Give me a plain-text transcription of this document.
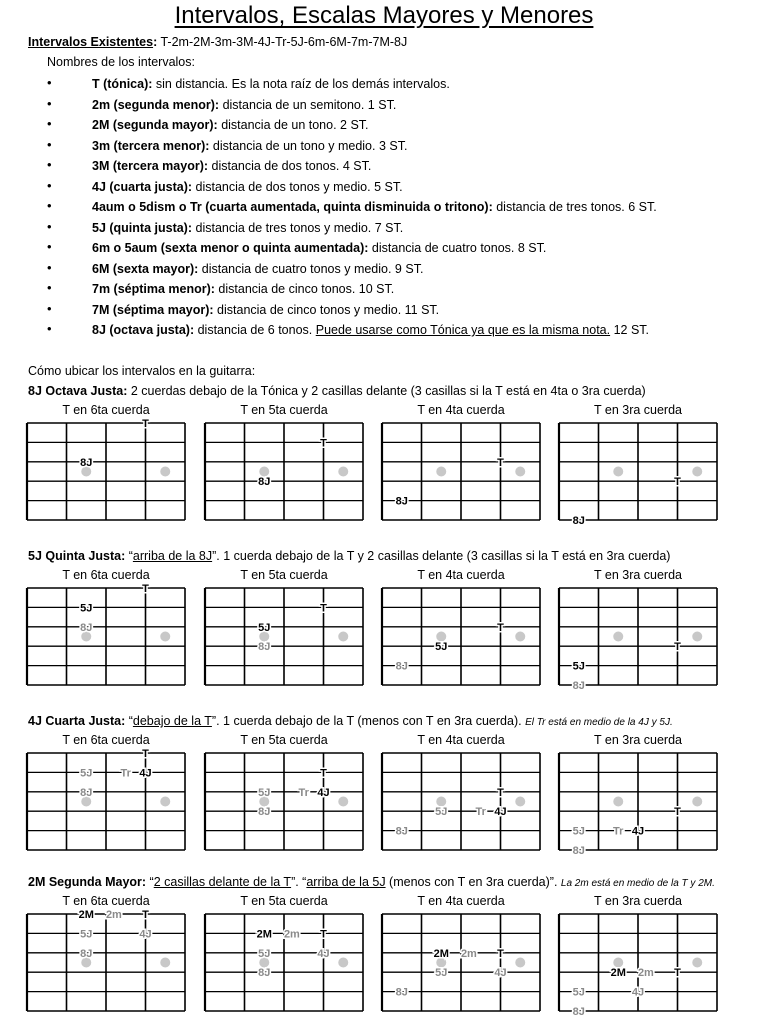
Intervalos, Escalas Mayores y Menores
Intervalos Existentes: T-2m-2M-3m-3M-4J-Tr-5J-6m-6M-7m-7M-8J
Nombres de los intervalos:
•	T (tónica): sin distancia. Es la nota raíz de los demás intervalos.
•	2m (segunda menor): distancia de un semitono. 1 ST.
•	2M (segunda mayor): distancia de un tono. 2 ST.
•	3m (tercera menor): distancia de un tono y medio. 3 ST.
•	3M (tercera mayor): distancia de dos tonos. 4 ST.
•	4J (cuarta justa): distancia de dos tonos y medio. 5 ST.
•	4aum o 5dism o Tr (cuarta aumentada, quinta disminuida o tritono): distancia de tres tonos. 6 ST.
•	5J (quinta justa): distancia de tres tonos y medio. 7 ST.
•	6m o 5aum (sexta menor o quinta aumentada): distancia de cuatro tonos. 8 ST.
•	6M (sexta mayor): distancia de cuatro tonos y medio. 9 ST.
•	7m (séptima menor): distancia de cinco tonos. 10 ST.
•	7M (séptima mayor): distancia de cinco tonos y medio. 11 ST.
•	8J (octava justa): distancia de 6 tonos. Puede usarse como Tónica ya que es la misma nota. 12 ST.
Cómo ubicar los intervalos en la guitarra:
8J Octava Justa: 2 cuerdas debajo de la Tónica y 2 casillas delante (3 casillas si la T está en 4ta o 3ra cuerda)
T en 6ta cuerda
T
8J
T en 5ta cuerda
T
8J
T en 4ta cuerda
T
8J
T en 3ra cuerda
T
8J
5J Quinta Justa: “arriba de la 8J”. 1 cuerda debajo de la T y 2 casillas delante (3 casillas si la T está en 3ra cuerda)
T en 6ta cuerda
T
5J
8J
T en 5ta cuerda
T
5J
8J
T en 4ta cuerda
T
5J
8J
T en 3ra cuerda
T
5J
8J
4J Cuarta Justa: “debajo de la T”. 1 cuerda debajo de la T (menos con T en 3ra cuerda). El Tr está en medio de la 4J y 5J.
T en 6ta cuerda
T
5J	Tr 4J
8J
T en 5ta cuerda
T
5J	Tr 4J
8J
T en 4ta cuerda
T
5J	Tr 4J
8J
T en 3ra cuerda
T
5J	Tr 4J
8J
2M Segunda Mayor: “2 casillas delante de la T”. “arriba de la 5J (menos con T en 3ra cuerda)”. La 2m está en medio de la T y 2M.
T en 6ta cuerda
T
2M 2m
5J	4J
8J
T en 5ta cuerda
T
2M 2m
5J	4J
8J
T en 4ta cuerda
T
2M 2m
5J	4J
8J
T en 3ra cuerda
T
2M 2m
5J	4J
8J
